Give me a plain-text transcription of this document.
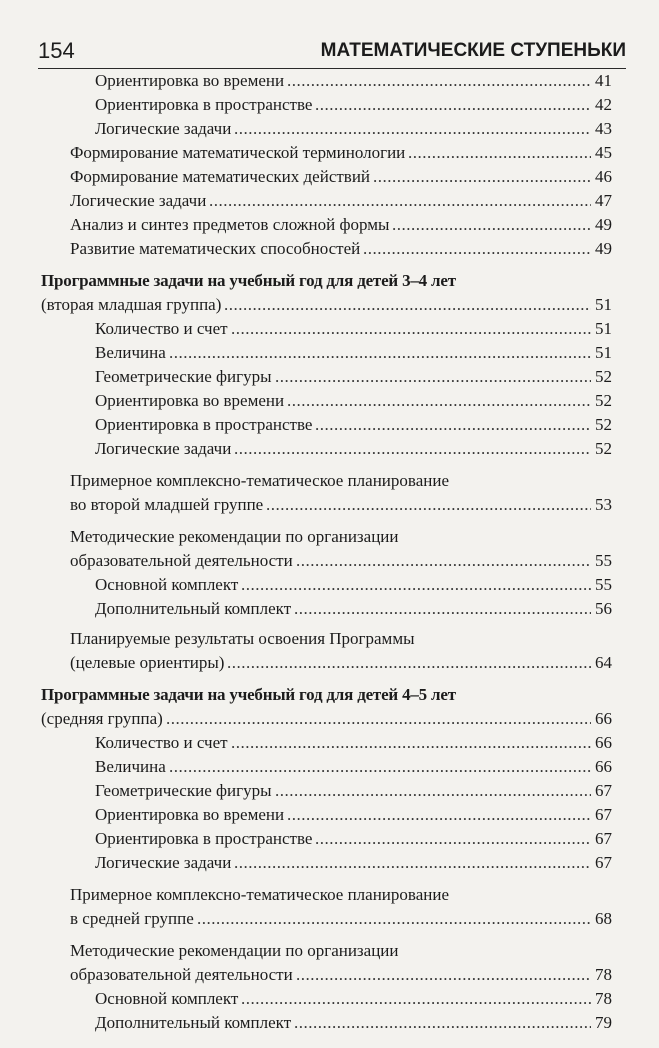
154	МАТЕМАТИЧЕСКИЕ СТУПЕНЬКИ
Ориентировка во времени	41
.....
Ориентировка в пространстве	42
.....
Логические задачи	43
.....
Формирование математической терминологии	45
.....
Формирование математических действий	46
.....
Логические задачи	47
.....
Анализ и синтез предметов сложной формы	49
.....
Развитие математических способностей	49
.....
Программные задачи на учебный год для детей 3–4 лет
(вторая младшая группа)	51
.....
Количество и счет	51
.....
Величина	51
.....
Геометрические фигуры	52
.....
Ориентировка во времени	52
.....
Ориентировка в пространстве	52
.....
Логические задачи	52
.....
Примерное комплексно-тематическое планирование
во второй младшей группе	53
.....
Методические рекомендации по организации
образовательной деятельности	55
.....
Основной комплект	55
.....
Дополнительный комплект	56
.....
Планируемые результаты освоения Программы
(целевые ориентиры)	64
.....
Программные задачи на учебный год для детей 4–5 лет
(средняя группа)	66
.....
Количество и счет	66
.....
Величина	66
.....
Геометрические фигуры	67
.....
Ориентировка во времени	67
.....
Ориентировка в пространстве	67
.....
Логические задачи	67
.....
Примерное комплексно-тематическое планирование
в средней группе	68
.....
Методические рекомендации по организации
образовательной деятельности	78
.....
Основной комплект	78
.....
Дополнительный комплект	79
.....
